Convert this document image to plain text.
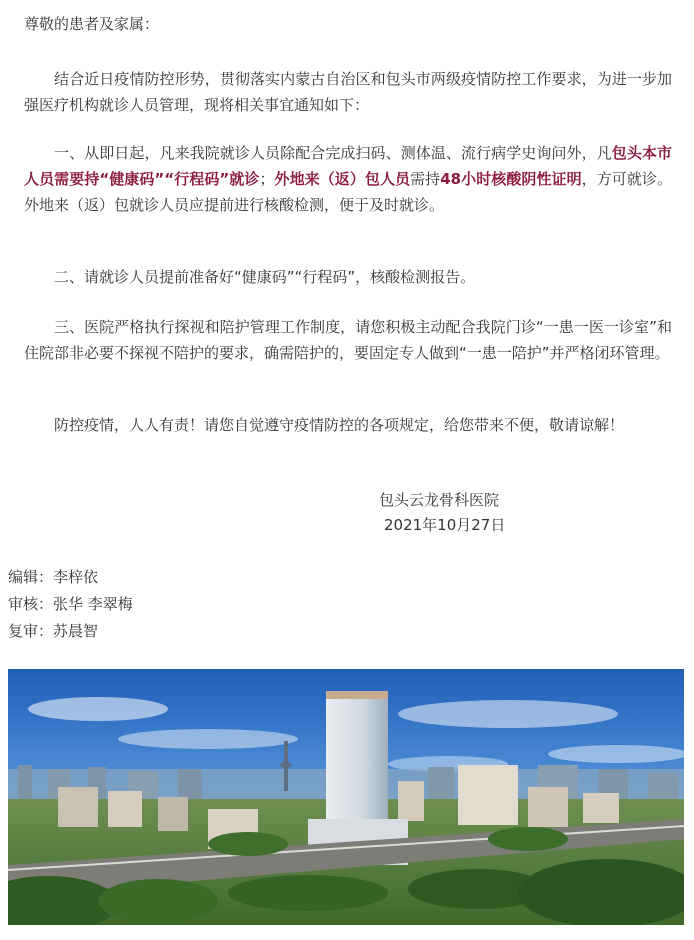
尊敬的患者及家属：
结合近日疫情防控形势，贯彻落实内蒙古自治区和包头市两级疫情防控工作要求，为进一步加强医疗机构就诊人员管理，现将相关事宜通知如下：
一、从即日起，凡来我院就诊人员除配合完成扫码、测体温、流行病学史询问外，凡包头本市人员需要持“健康码”“行程码”就诊；外地来（返）包人员需持48小时核酸阴性证明，方可就诊。外地来（返）包就诊人员应提前进行核酸检测，便于及时就诊。
二、请就诊人员提前准备好“健康码”“行程码”，核酸检测报告。
三、医院严格执行探视和陪护管理工作制度，请您积极主动配合我院门诊“一患一医一诊室”和住院部非必要不探视不陪护的要求，确需陪护的，要固定专人做到“一患一陪护”并严格闭环管理。
防控疫情，人人有责！请您自觉遵守疫情防控的各项规定，给您带来不便，敬请谅解！
包头云龙骨科医院
2021年10月27日
编辑：李梓依
审核：张华 李翠梅
复审：苏晨智
